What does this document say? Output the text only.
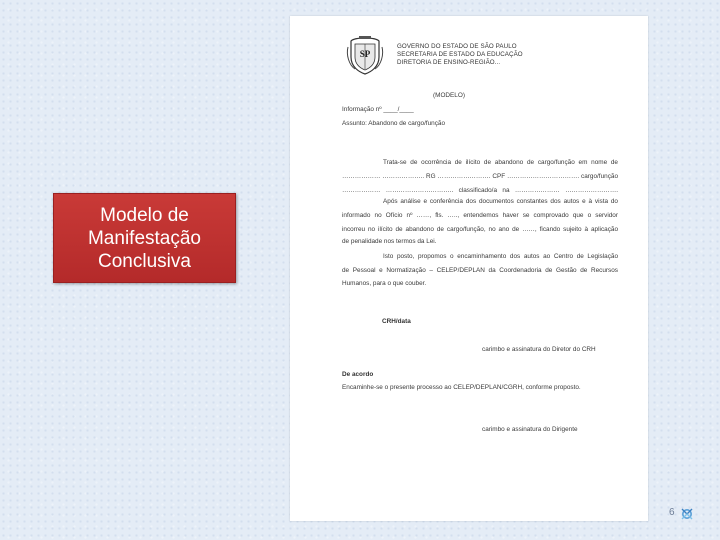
Modelo de
Manifestação
Conclusiva
SP
GOVERNO DO ESTADO DE SÃO PAULO
SECRETARIA DE ESTADO DA EDUCAÇÃO
DIRETORIA DE ENSINO-REGIÃO...
(MODELO)
Informação nº ____/____
Assunto: Abandono de cargo/função
Trata-se de ocorrência de ilícito de abandono de cargo/função em nome de
……………… ……………….. RG ……………………. CPF ……………………………. cargo/função
……………… ………………………….. classificado/a na ………………… …………………….
Após análise e conferência dos documentos constantes dos autos e à vista do
informado no Ofício nº ……, fls. ….., entendemos haver se comprovado que o servidor
incorreu no ilícito de abandono de cargo/função, no ano de ……, ficando sujeito à aplicação
de penalidade nos termos da Lei.
Isto posto, propomos o encaminhamento dos autos ao Centro de Legislação
de Pessoal e Normatização – CELEP/DEPLAN da Coordenadoria de Gestão de Recursos
Humanos, para o que couber.
CRH/data
carimbo e assinatura do Diretor do CRH
De acordo
Encaminhe-se o presente processo ao CELEP/DEPLAN/CGRH, conforme proposto.
carimbo e assinatura do Dirigente
6
